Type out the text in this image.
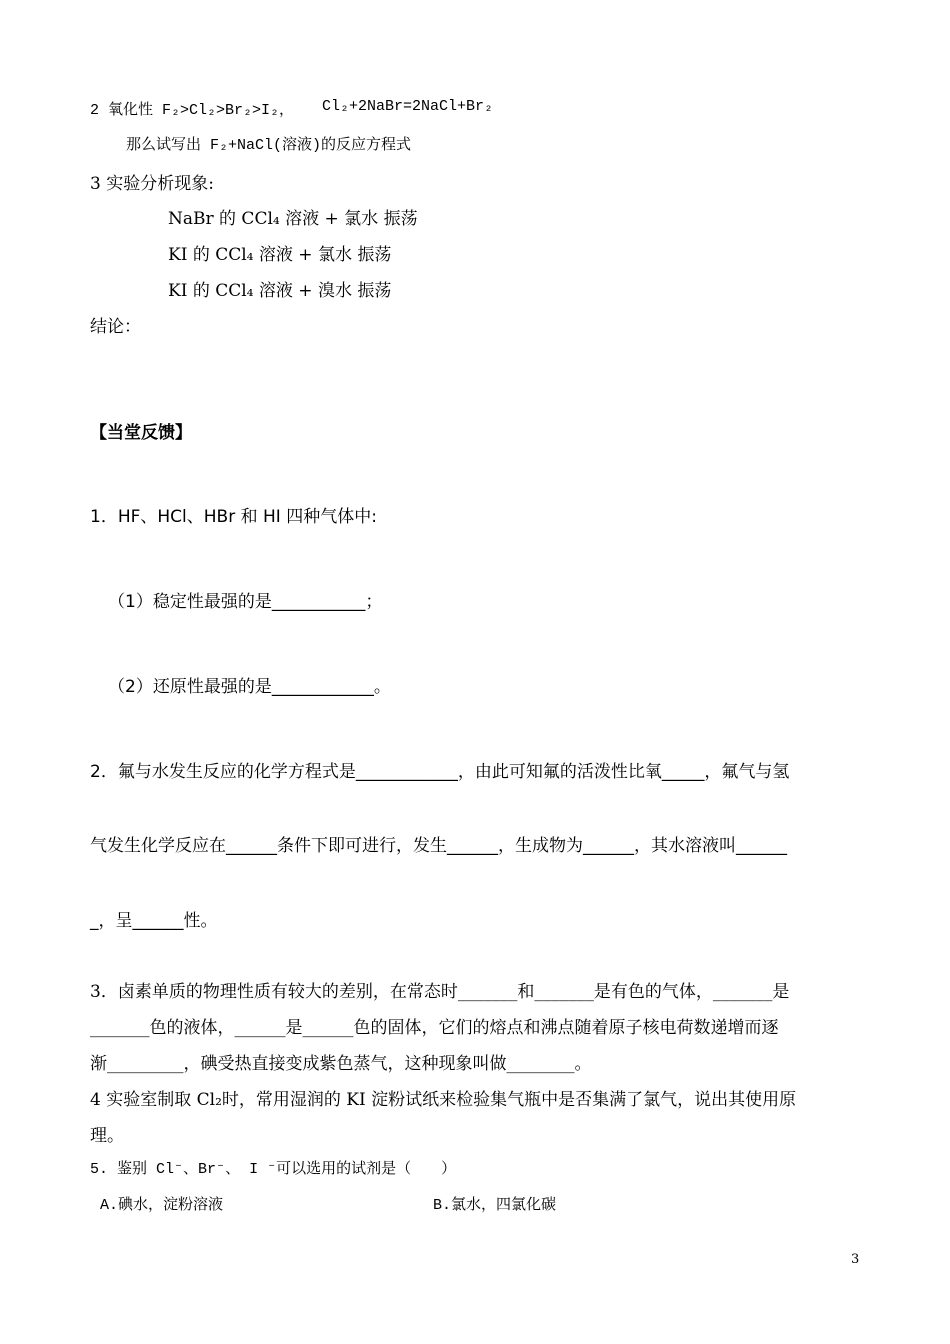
2 氧化性 F₂>Cl₂>Br₂>I₂， Cl₂+2NaBr=2NaCl+Br₂
那么试写出 F₂+NaCl(溶液)的反应方程式
3 实验分析现象:
NaBr 的 CCl₄ 溶液 + 氯水 振荡
KI 的 CCl₄ 溶液 + 氯水 振荡
KI 的 CCl₄ 溶液 + 溴水 振荡
结论：
【当堂反馈】
1．HF、HCl、HBr 和 HI 四种气体中:
（1）稳定性最强的是___________；
（2）还原性最强的是____________。
2．氟与水发生反应的化学方程式是____________，由此可知氟的活泼性比氧_____，氟气与氢
气发生化学反应在______条件下即可进行，发生______，生成物为______，其水溶液叫______
_，呈______性。
3．卤素单质的物理性质有较大的差别，在常态时_______和_______是有色的气体，_______是
_______色的液体，______是______色的固体，它们的熔点和沸点随着原子核电荷数递增而逐
渐_________，碘受热直接变成紫色蒸气，这种现象叫做________。
4 实验室制取 Cl₂时，常用湿润的 KI 淀粉试纸来检验集气瓶中是否集满了氯气，说出其使用原
理。
5. 鉴别 Cl⁻、Br⁻、 I ⁻可以选用的试剂是（　　）
A.碘水，淀粉溶液	B.氯水，四氯化碳
3
